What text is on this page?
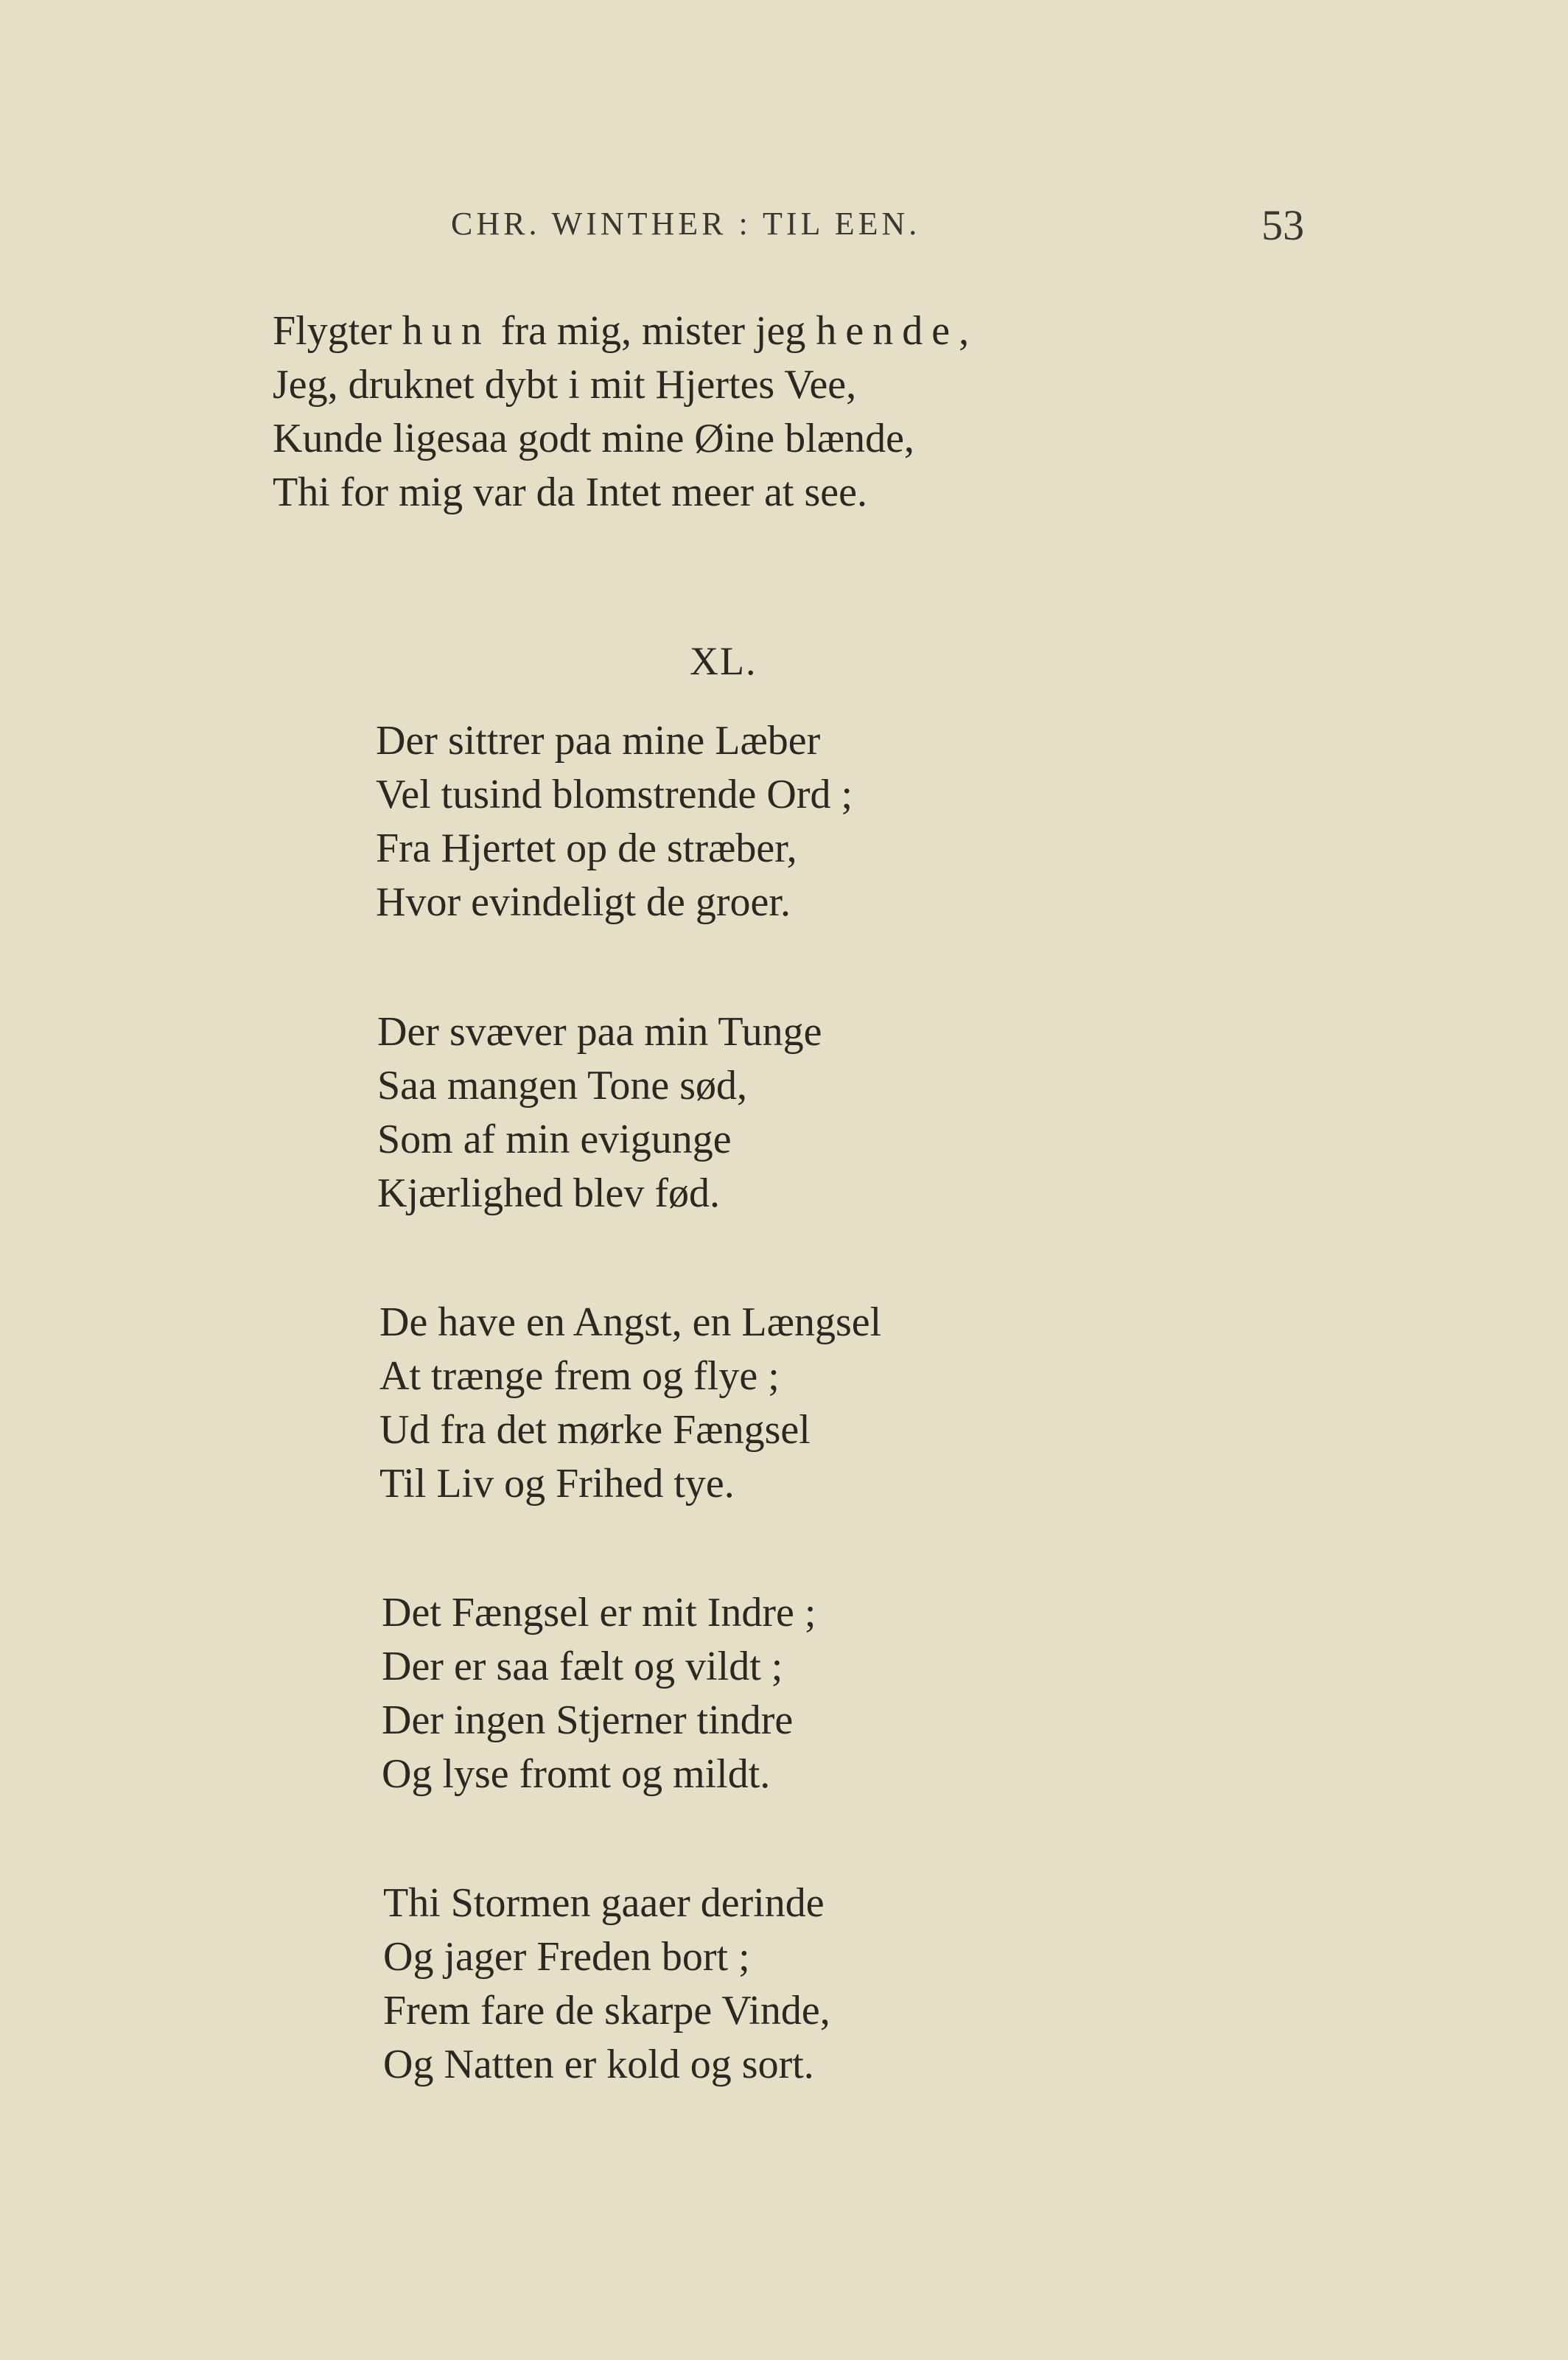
CHR. WINTHER : TIL EEN.	53
Flygter hun fra mig, mister jeg hende,
Jeg, druknet dybt i mit Hjertes Vee,
Kunde ligesaa godt mine Øine blænde,
Thi for mig var da Intet meer at see.
XL.
Der sittrer paa mine Læber
Vel tusind blomstrende Ord ;
Fra Hjertet op de stræber,
Hvor evindeligt de groer.
Der svæver paa min Tunge
Saa mangen Tone sød,
Som af min evigunge
Kjærlighed blev fød.
De have en Angst, en Længsel
At trænge frem og flye ;
Ud fra det mørke Fængsel
Til Liv og Frihed tye.
Det Fængsel er mit Indre ;
Der er saa fælt og vildt ;
Der ingen Stjerner tindre
Og lyse fromt og mildt.
Thi Stormen gaaer derinde
Og jager Freden bort ;
Frem fare de skarpe Vinde,
Og Natten er kold og sort.
